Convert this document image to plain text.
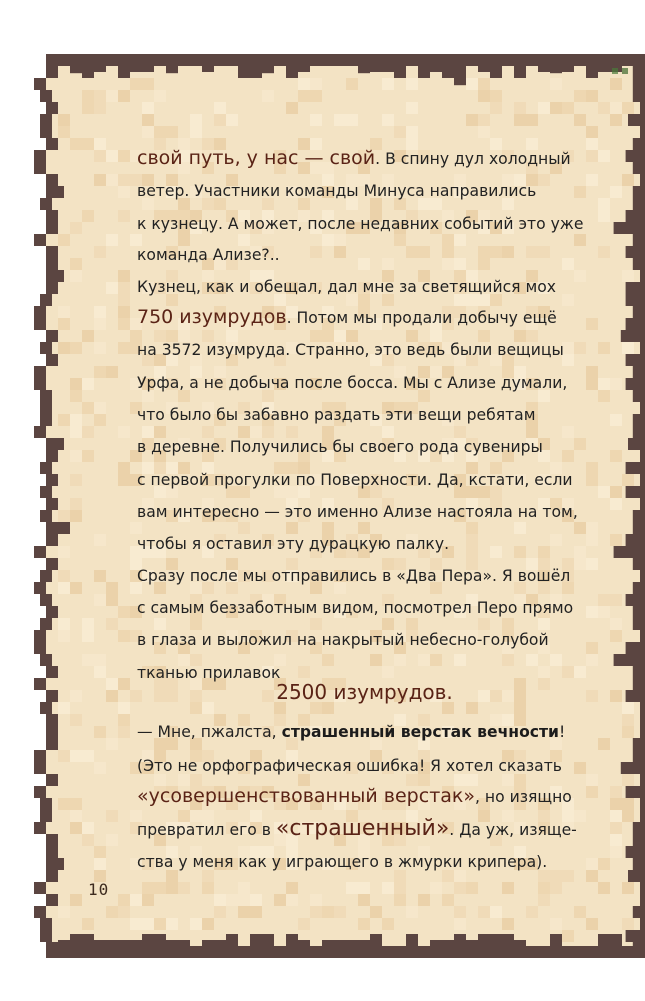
свой путь, у нас — свой. В спину дул холодный
ветер. Участники команды Минуса направились
к кузнецу. А может, после недавних событий это уже
команда Ализе?..
Кузнец, как и обещал, дал мне за светящийся мох
750 изумрудов. Потом мы продали добычу ещё
на 3572 изумруда. Странно, это ведь были вещицы
Урфа, а не добыча после босса. Мы с Ализе думали,
что было бы забавно раздать эти вещи ребятам
в деревне. Получились бы своего рода сувениры
с первой прогулки по Поверхности. Да, кстати, если
вам интересно — это именно Ализе настояла на том,
чтобы я оставил эту дурацкую палку.
Сразу после мы отправились в «Два Пера». Я вошёл
с самым беззаботным видом, посмотрел Перо прямо
в глаза и выложил на накрытый небесно-голубой
тканью прилавок
2500 изумрудов.
— Мне, пжалста, страшенный верстак вечности!
(Это не орфографическая ошибка! Я хотел сказать
«усовершенствованный верстак», но изящно
превратил его в «страшенный». Да уж, изяще-
ства у меня как у играющего в жмурки крипера).
10
